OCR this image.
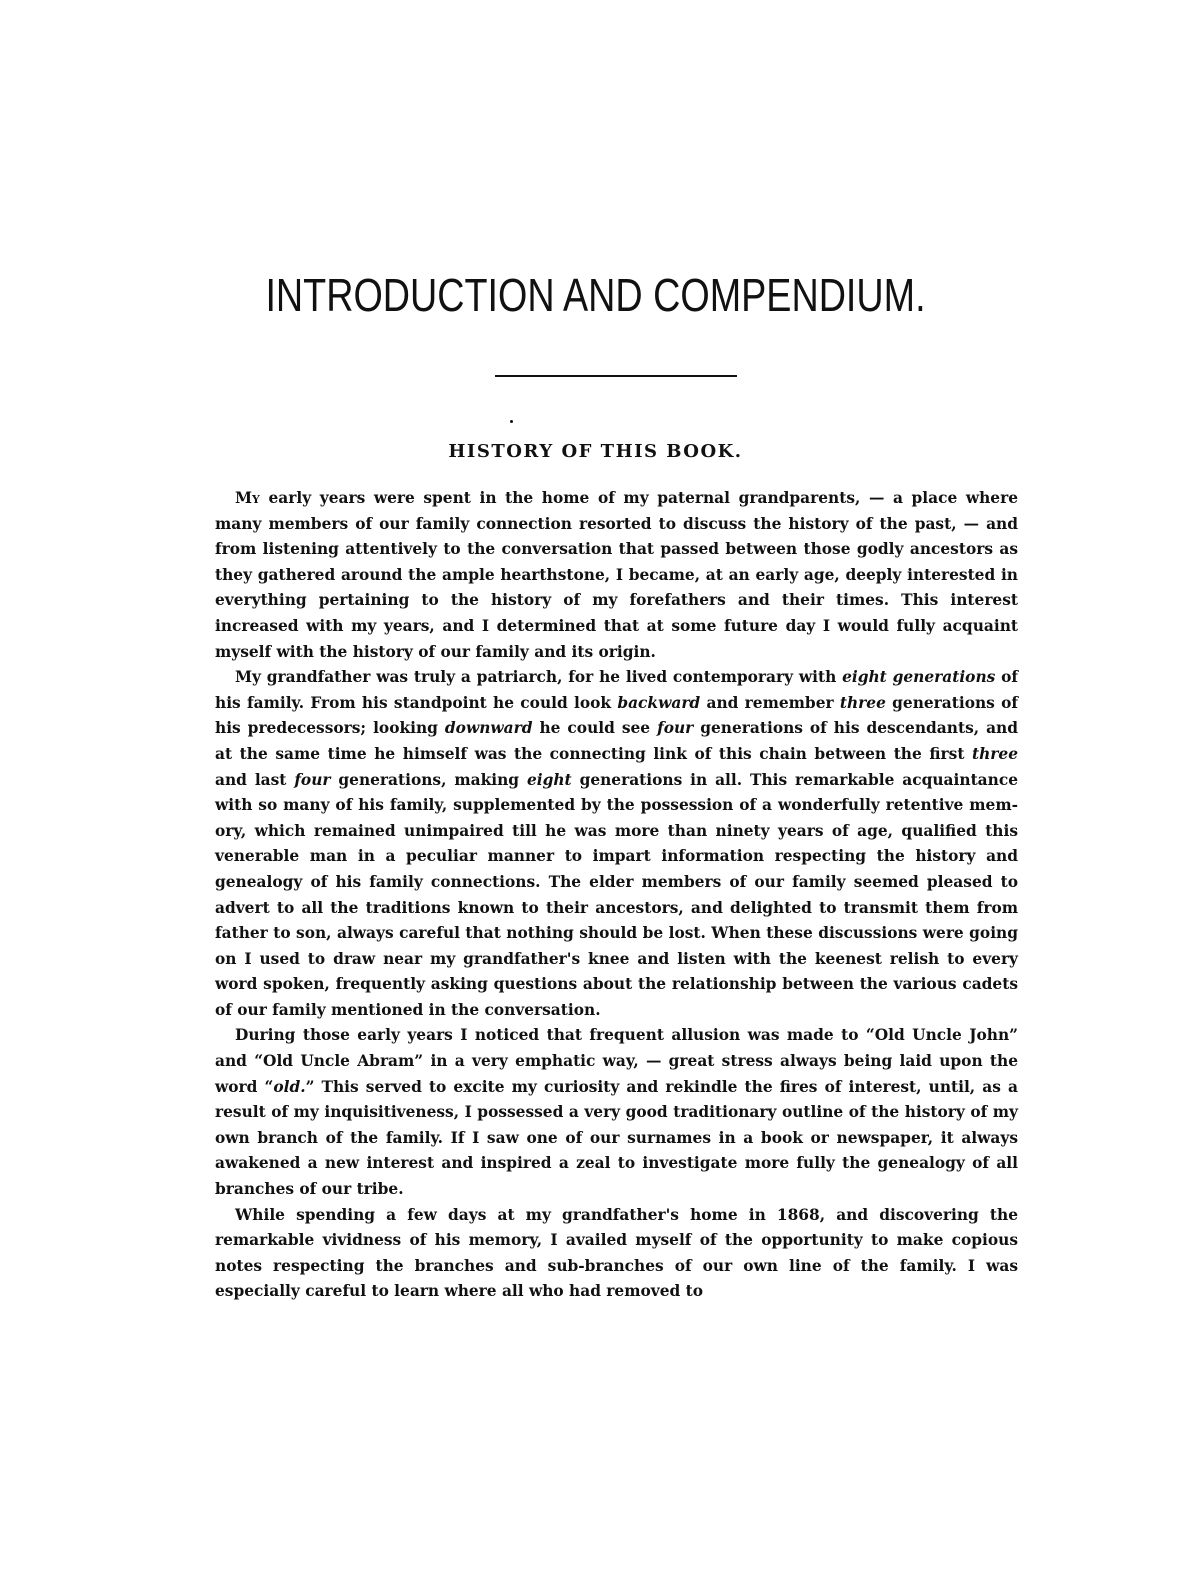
INTRODUCTION AND COMPENDIUM.
HISTORY OF THIS BOOK.

My early years were spent in the home of my paternal grandparents, — a place where many members of our family connection resorted to discuss the history of the past, — and from listening attentively to the conversation that passed between those godly ancestors as they gathered around the ample hearthstone, I became, at an early age, deeply interested in everything pertaining to the history of my forefathers and their times. This interest increased with my years, and I determined that at some future day I would fully acquaint myself with the history of our family and its origin.

My grandfather was truly a patriarch, for he lived contemporary with eight generations of his family. From his standpoint he could look backward and remember three generations of his predecessors; looking downward he could see four generations of his descendants, and at the same time he himself was the connecting link of this chain between the first three and last four generations, making eight generations in all. This remarkable acquaintance with so many of his family, supplemented by the possession of a wonderfully retentive memory, which remained unimpaired till he was more than ninety years of age, qualified this venerable man in a peculiar manner to impart information respecting the history and genealogy of his family connections. The elder members of our family seemed pleased to advert to all the traditions known to their ancestors, and delighted to transmit them from father to son, always careful that nothing should be lost. When these discussions were going on I used to draw near my grandfather's knee and listen with the keenest relish to every word spoken, frequently asking questions about the relationship between the various cadets of our family mentioned in the conversation.

During those early years I noticed that frequent allusion was made to “Old Uncle John” and “Old Uncle Abram” in a very emphatic way, — great stress always being laid upon the word “old.” This served to excite my curiosity and rekindle the fires of interest, until, as a result of my inquisitiveness, I possessed a very good traditionary outline of the history of my own branch of the family. If I saw one of our surnames in a book or newspaper, it always awakened a new interest and inspired a zeal to investigate more fully the genealogy of all branches of our tribe.

While spending a few days at my grandfather's home in 1868, and discovering the remarkable vividness of his memory, I availed myself of the opportunity to make copious notes respecting the branches and sub-branches of our own line of the family. I was especially careful to learn where all who had removed to
